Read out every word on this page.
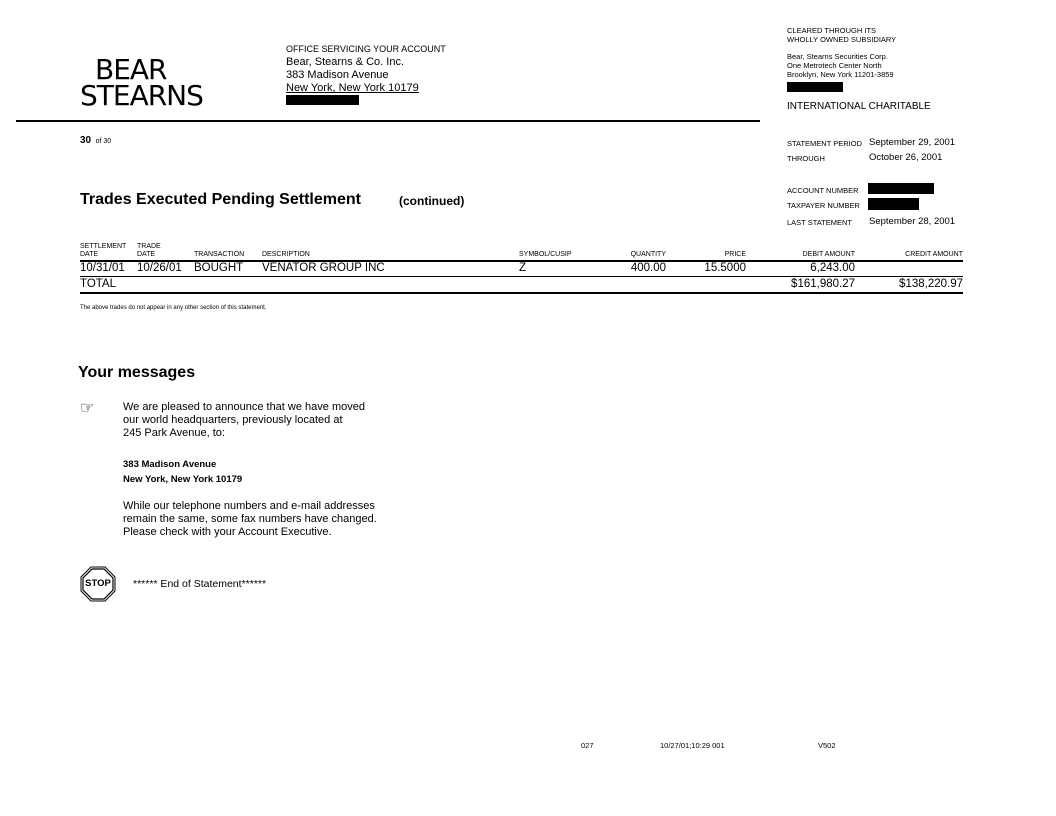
BEAR
STEARNS
OFFICE SERVICING YOUR ACCOUNT
Bear, Stearns & Co. Inc.
383 Madison Avenue
New York, New York 10179
30 of 30
CLEARED THROUGH ITS
WHOLLY OWNED SUBSIDIARY
Bear, Stearns Securities Corp.
One Metrotech Center North
Brooklyn, New York 11201-3859
INTERNATIONAL CHARITABLE
STATEMENT PERIOD September 29, 2001
THROUGH	October 26, 2001
ACCOUNT NUMBER
TAXPAYER NUMBER
LAST STATEMENT September 28, 2001
Trades Executed Pending Settlement	(continued)
SETTLEMENT
DATE
TRADE
DATE	TRANSACTION	DESCRIPTION	SYMBOL/CUSIP	QUANTITY	PRICE	DEBIT AMOUNT	CREDIT AMOUNT
10/31/01 10/26/01 BOUGHT VENATOR GROUP INC	Z	400.00	15.5000	6,243.00
TOTAL	$161,980.27	$138,220.97
The above trades do not appear in any other section of this statement.
Your messages
☞	We are pleased to announce that we have moved
our world headquarters, previously located at
245 Park Avenue, to:
383 Madison Avenue
New York, New York 10179
While our telephone numbers and e-mail addresses
remain the same, some fax numbers have changed.
Please check with your Account Executive.
STOP	****** End of Statement******
027	10/27/01;10:29 001	V502
